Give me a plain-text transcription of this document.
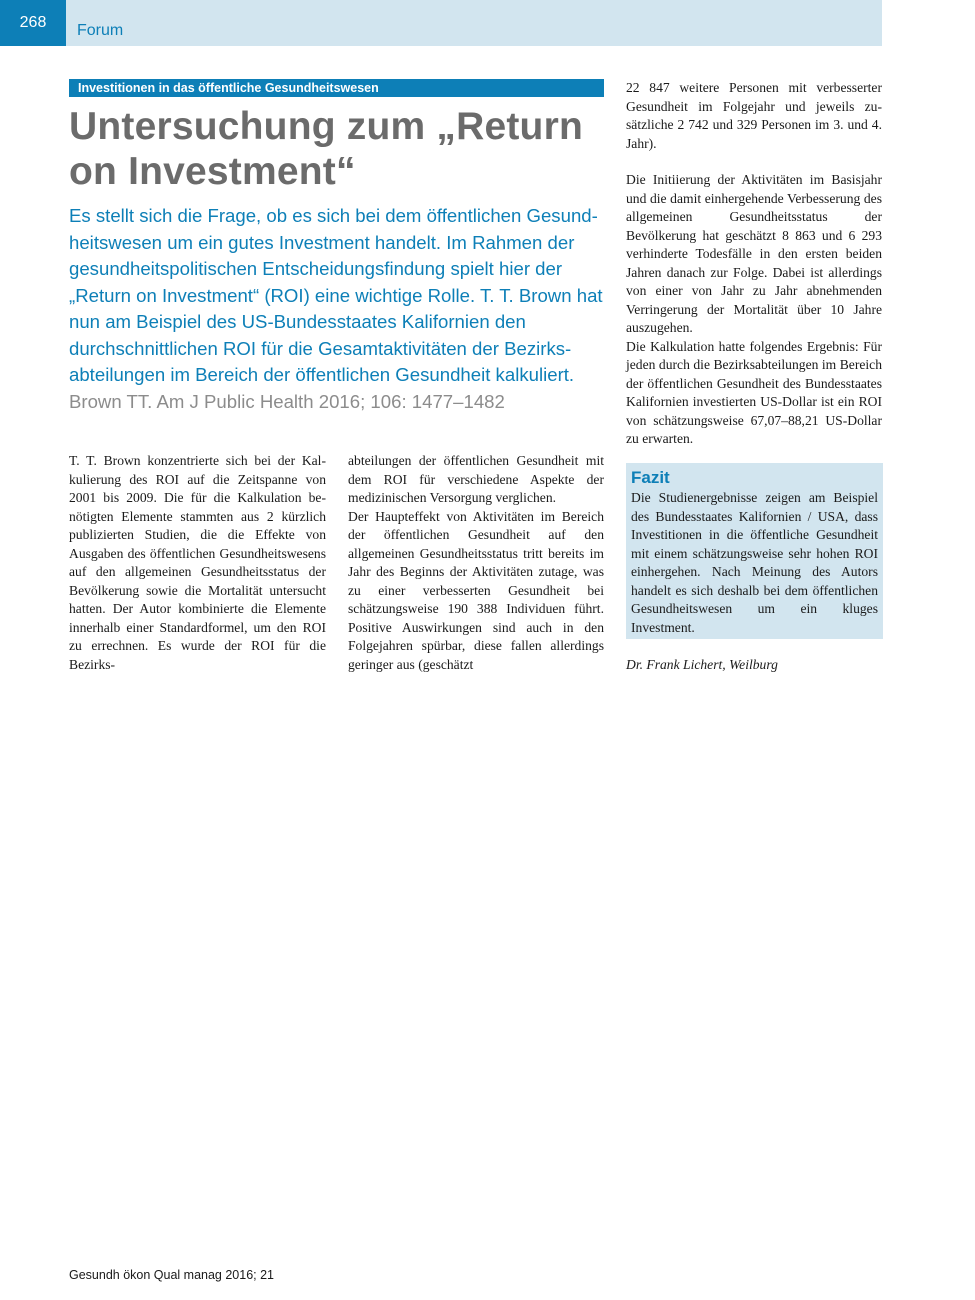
268	Forum
Investitionen in das öffentliche Gesundheitswesen
Untersuchung zum „Return on Investment“
Es stellt sich die Frage, ob es sich bei dem öffentlichen Gesundheitswesen um ein gutes Investment handelt. Im Rahmen der gesundheitspolitischen Entscheidungsfindung spielt hier der „Return on Investment“ (ROI) eine wichtige Rolle. T. T. Brown hat nun am Beispiel des US-Bundesstaates Kalifornien den durchschnittlichen ROI für die Gesamtaktivitäten der Bezirksabteilungen im Bereich der öffentlichen Gesundheit kalkuliert.
Brown TT. Am J Public Health 2016; 106: 1477–1482

T. T. Brown konzentrierte sich bei der Kalkulierung des ROI auf die Zeitspanne von 2001 bis 2009. Die für die Kalkulation benötigten Elemente stammten aus 2 kürzlich publizierten Studien, die die Effekte von Ausgaben des öffentlichen Gesundheitswesens auf den allgemeinen Gesundheitsstatus der Bevölkerung sowie die Mortalität untersucht hatten. Der Autor kombinierte die Elemente innerhalb einer Standardformel, um den ROI zu errechnen. Es wurde der ROI für die Bezirks-

abteilungen der öffentlichen Gesundheit mit dem ROI für verschiedene Aspekte der medizinischen Versorgung verglichen.

Der Haupteffekt von Aktivitäten im Bereich der öffentlichen Gesundheit auf den allgemeinen Gesundheitsstatus tritt bereits im Jahr des Beginns der Aktivitäten zutage, was zu einer verbesserten Gesundheit bei schätzungsweise 190 388 Individuen führt. Positive Auswirkungen sind auch in den Folgejahren spürbar, diese fallen allerdings geringer aus (geschätzt

22 847 weitere Personen mit verbesserter Gesundheit im Folgejahr und jeweils zusätzliche 2 742 und 329 Personen im 3. und 4. Jahr).

Die Initiierung der Aktivitäten im Basisjahr und die damit einhergehende Verbesserung des allgemeinen Gesundheitsstatus der Bevölkerung hat geschätzt 8 863 und 6 293 verhinderte Todesfälle in den ersten beiden Jahren danach zur Folge. Dabei ist allerdings von einer von Jahr zu Jahr abnehmenden Verringerung der Mortalität über 10 Jahre auszugehen.

Die Kalkulation hatte folgendes Ergebnis: Für jeden durch die Bezirksabteilungen im Bereich der öffentlichen Gesundheit des Bundesstaates Kalifornien investierten US-Dollar ist ein ROI von schätzungsweise 67,07–88,21 US-Dollar zu erwarten.

Fazit

Die Studienergebnisse zeigen am Beispiel des Bundesstaates Kalifornien / USA, dass Investitionen in die öffentliche Gesundheit mit einem schätzungsweise sehr hohen ROI einhergehen. Nach Meinung des Autors handelt es sich deshalb bei dem öffentlichen Gesundheitswesen um ein kluges Investment.

Dr. Frank Lichert, Weilburg
Gesundh ökon Qual manag 2016; 21
